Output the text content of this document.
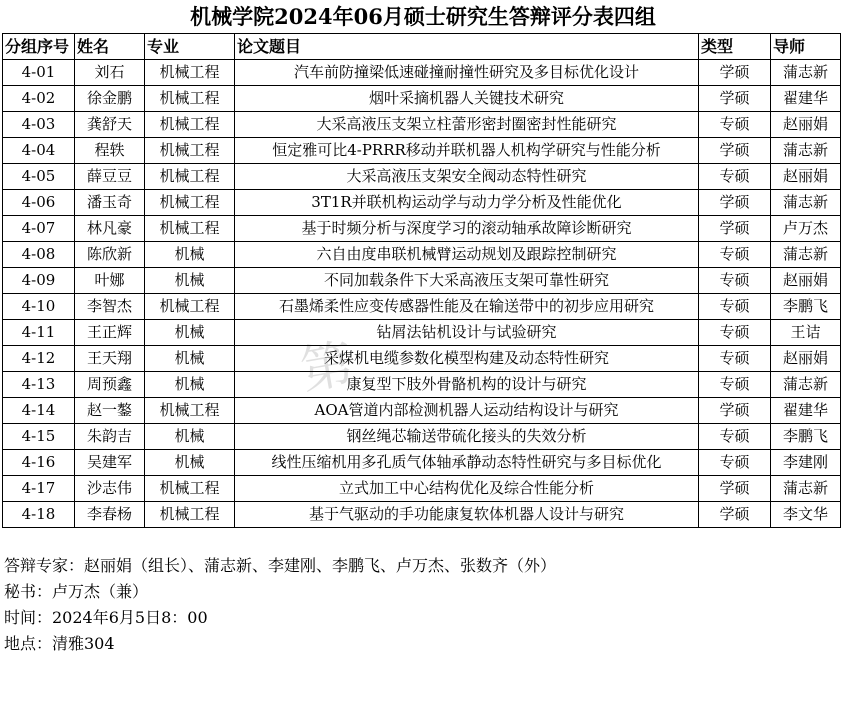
机械学院2024年06月硕士研究生答辩评分表四组
分组序号	姓名	专业	论文题目	类型	导师
4-01	刘石	机械工程	汽车前防撞梁低速碰撞耐撞性研究及多目标优化设计	学硕	蒲志新
4-02	徐金鹏	机械工程	烟叶采摘机器人关键技术研究	学硕	翟建华
4-03	龚舒天	机械工程	大采高液压支架立柱蕾形密封圈密封性能研究	专硕	赵丽娟
4-04	程轶	机械工程	恒定雅可比4-PRRR移动并联机器人机构学研究与性能分析	学硕	蒲志新
4-05	薛豆豆	机械工程	大采高液压支架安全阀动态特性研究	专硕	赵丽娟
4-06	潘玉奇	机械工程	3T1R并联机构运动学与动力学分析及性能优化	学硕	蒲志新
4-07	林凡豪	机械工程	基于时频分析与深度学习的滚动轴承故障诊断研究	学硕	卢万杰
4-08	陈欣新	机械	六自由度串联机械臂运动规划及跟踪控制研究	专硕	蒲志新
4-09	叶娜	机械	不同加载条件下大采高液压支架可靠性研究	专硕	赵丽娟
4-10	李智杰	机械工程	石墨烯柔性应变传感器性能及在输送带中的初步应用研究	专硕	李鹏飞
4-11	王正辉	机械	钻屑法钻机设计与试验研究	专硕	王诘
4-12	王天翔	机械	采煤机电缆参数化模型构建及动态特性研究	专硕	赵丽娟
4-13	周预鑫	机械	康复型下肢外骨骼机构的设计与研究	专硕	蒲志新
4-14	赵一鏊	机械工程	AOA管道内部检测机器人运动结构设计与研究	学硕	翟建华
4-15	朱韵吉	机械	钢丝绳芯输送带硫化接头的失效分析	专硕	李鹏飞
4-16	吴建军	机械	线性压缩机用多孔质气体轴承静动态特性研究与多目标优化	专硕	李建刚
4-17	沙志伟	机械工程	立式加工中心结构优化及综合性能分析	学硕	蒲志新
4-18	李春杨	机械工程	基于气驱动的手功能康复软体机器人设计与研究	学硕	李文华
答辩专家：赵丽娟（组长）、蒲志新、李建刚、李鹏飞、卢万杰、张数齐（外）
秘书：卢万杰（兼）
时间：2024年6月5日8：00
地点：清雅304
第
